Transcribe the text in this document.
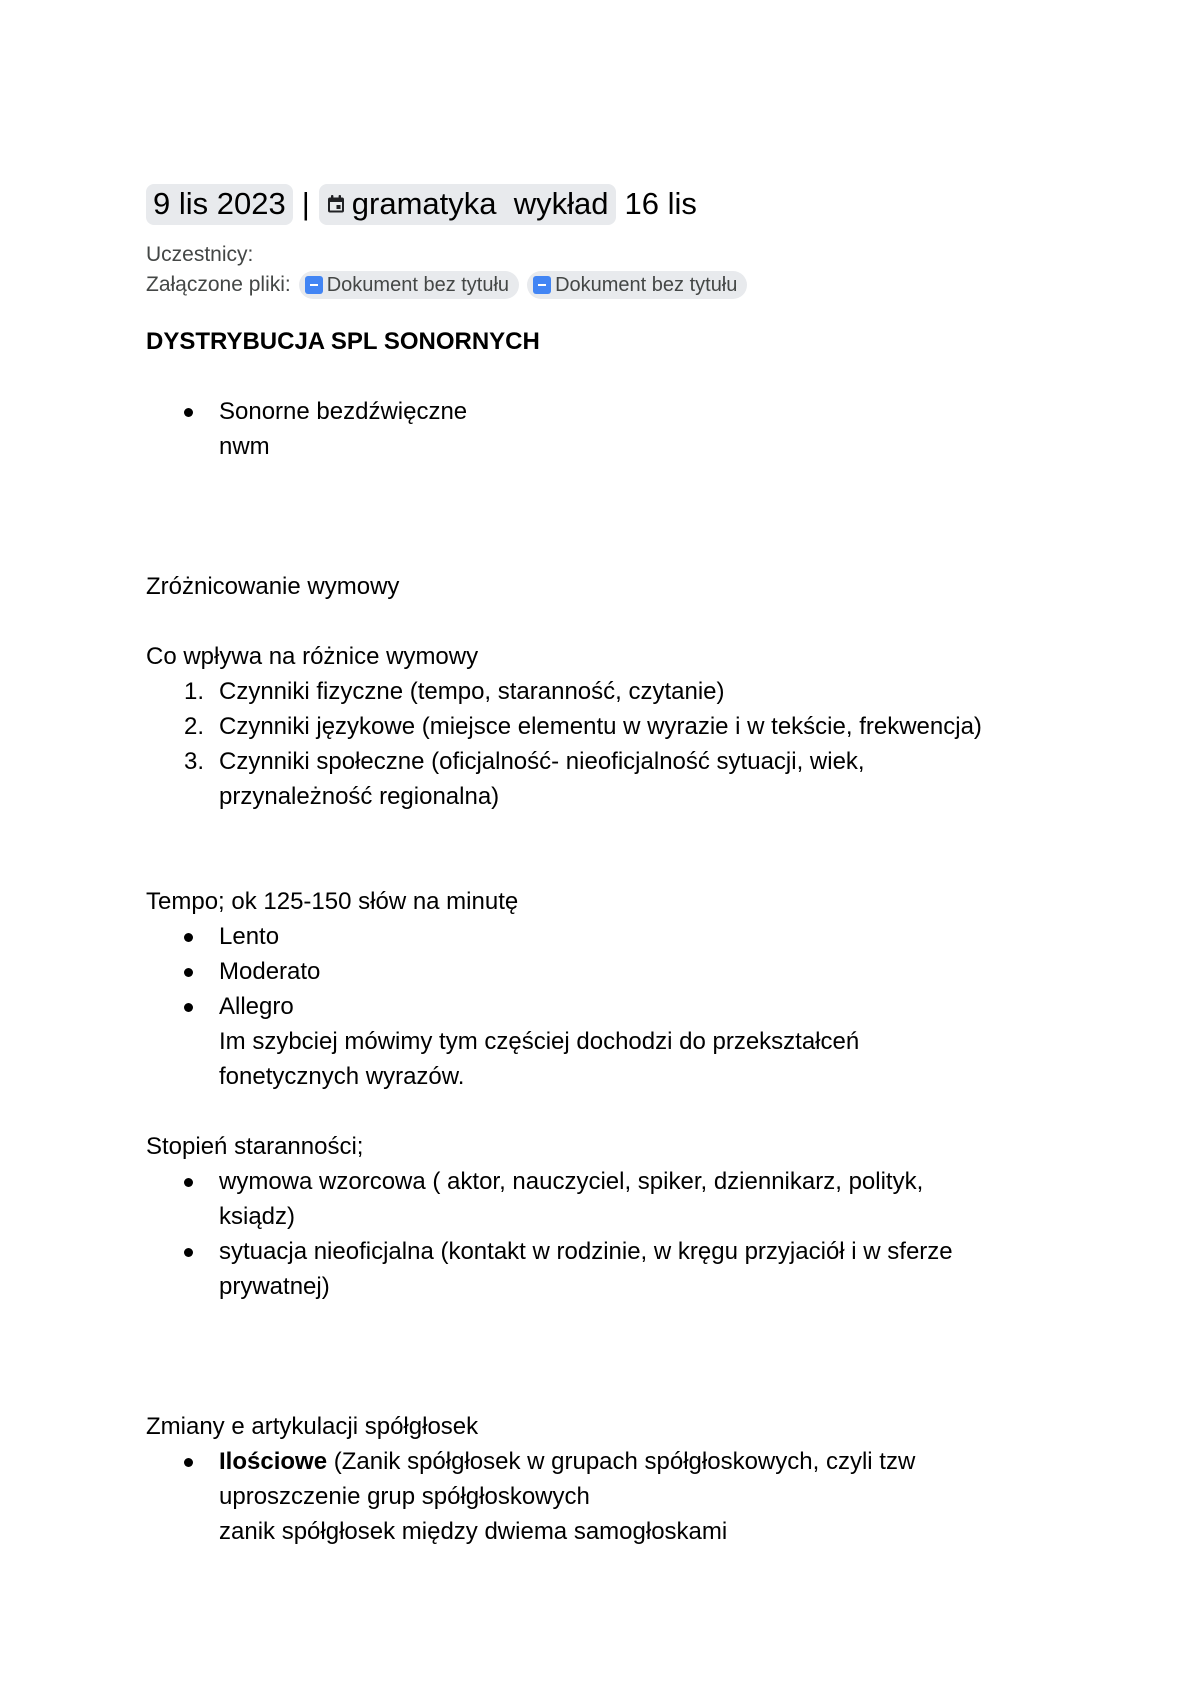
9 lis 2023 | gramatyka  wykład 16 lis
Uczestnicy:
Załączone pliki: Dokument bez tytułu Dokument bez tytułu
DYSTRYBUCJA SPL SONORNYCH
Sonorne bezdźwięczne
nwm
Zróżnicowanie wymowy
Co wpływa na różnice wymowy
1. Czynniki fizyczne (tempo, staranność, czytanie)
2. Czynniki językowe (miejsce elementu w wyrazie i w tekście, frekwencja)
3. Czynniki społeczne (oficjalność- nieoficjalność sytuacji, wiek,
przynależność regionalna)
Tempo; ok 125-150 słów na minutę
Lento
Moderato
Allegro
Im szybciej mówimy tym częściej dochodzi do przekształceń
fonetycznych wyrazów.
Stopień staranności;
wymowa wzorcowa ( aktor, nauczyciel, spiker, dziennikarz, polityk,
ksiądz)
sytuacja nieoficjalna (kontakt w rodzinie, w kręgu przyjaciół i w sferze
prywatnej)
Zmiany e artykulacji spółgłosek
Ilościowe (Zanik spółgłosek w grupach spółgłoskowych, czyli tzw
uproszczenie grup spółgłoskowych
zanik spółgłosek między dwiema samogłoskami
